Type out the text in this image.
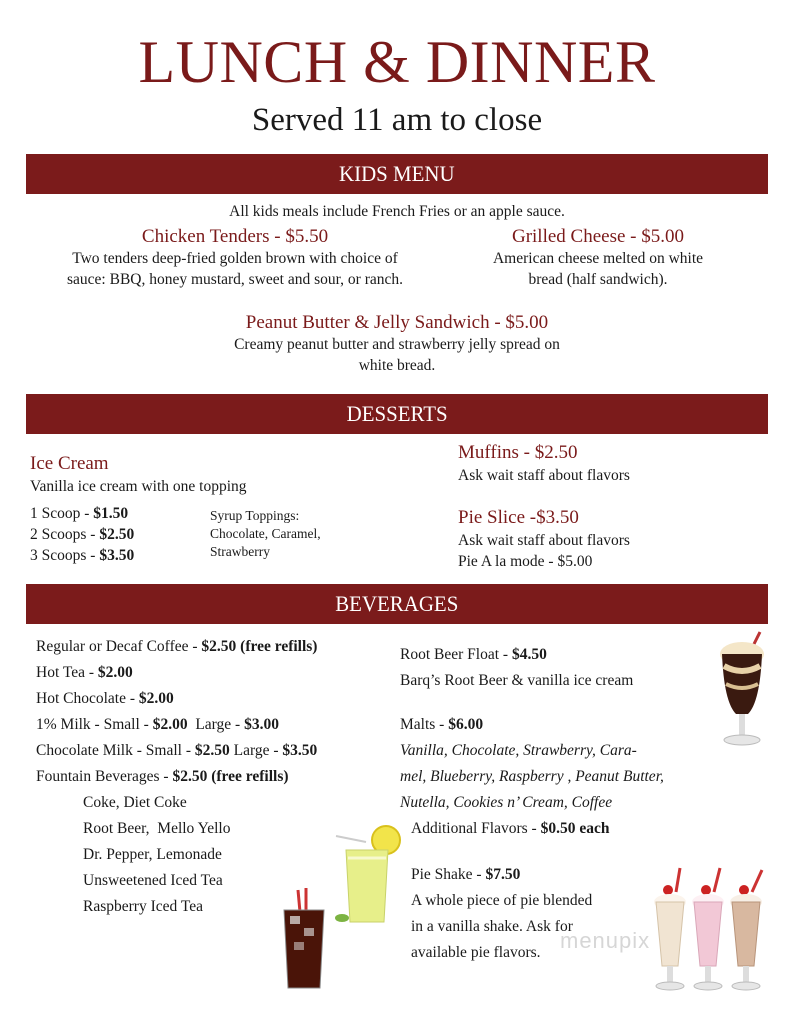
LUNCH & DINNER
Served 11 am to close
KIDS MENU
All kids meals include French Fries or an apple sauce.
Chicken Tenders - $5.50
Two tenders deep-fried golden brown with choice of
sauce: BBQ, honey mustard, sweet and sour, or ranch.
Grilled Cheese - $5.00
American cheese melted on white
bread (half sandwich).
Peanut Butter & Jelly Sandwich - $5.00
Creamy peanut butter and strawberry jelly spread on
white bread.
DESSERTS
Ice Cream
Vanilla ice cream with one topping
1 Scoop - $1.50
2 Scoops - $2.50
3 Scoops - $3.50
Syrup Toppings:
Chocolate, Caramel,
Strawberry
Muffins - $2.50
Ask wait staff about flavors
Pie Slice -$3.50
Ask wait staff about flavors
Pie A la mode - $5.00
BEVERAGES
Regular or Decaf Coffee - $2.50 (free refills)
Hot Tea - $2.00
Hot Chocolate - $2.00
1% Milk - Small - $2.00  Large - $3.00
Chocolate Milk - Small - $2.50 Large - $3.50
Fountain Beverages - $2.50 (free refills)
Coke, Diet Coke
Root Beer,  Mello Yello
Dr. Pepper, Lemonade
Unsweetened Iced Tea
Raspberry Iced Tea
Root Beer Float - $4.50
Barq’s Root Beer & vanilla ice cream
Malts - $6.00
Vanilla, Chocolate, Strawberry, Cara-
mel, Blueberry, Raspberry , Peanut Butter,
Nutella, Cookies n’ Cream, Coffee
Additional Flavors - $0.50 each
Pie Shake - $7.50
A whole piece of pie blended
in a vanilla shake. Ask for
available pie flavors. menupix
